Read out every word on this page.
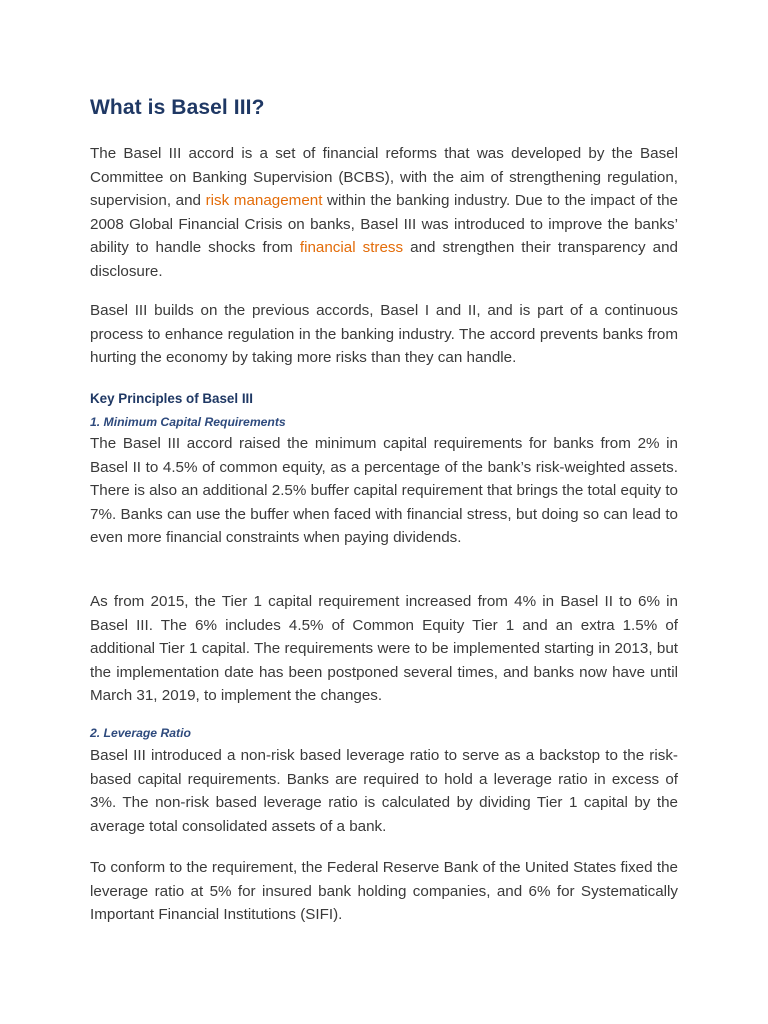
What is Basel III?

The Basel III accord is a set of financial reforms that was developed by the Basel Committee on Banking Supervision (BCBS), with the aim of strengthening regulation, supervision, and risk management within the banking industry. Due to the impact of the 2008 Global Financial Crisis on banks, Basel III was introduced to improve the banks’ ability to handle shocks from financial stress and strengthen their transparency and disclosure.

Basel III builds on the previous accords, Basel I and II, and is part of a continuous process to enhance regulation in the banking industry. The accord prevents banks from hurting the economy by taking more risks than they can handle.

Key Principles of Basel III
1. Minimum Capital Requirements

The Basel III accord raised the minimum capital requirements for banks from 2% in Basel II to 4.5% of common equity, as a percentage of the bank’s risk-weighted assets. There is also an additional 2.5% buffer capital requirement that brings the total equity to 7%. Banks can use the buffer when faced with financial stress, but doing so can lead to even more financial constraints when paying dividends.

As from 2015, the Tier 1 capital requirement increased from 4% in Basel II to 6% in Basel III. The 6% includes 4.5% of Common Equity Tier 1 and an extra 1.5% of additional Tier 1 capital. The requirements were to be implemented starting in 2013, but the implementation date has been postponed several times, and banks now have until March 31, 2019, to implement the changes.

2. Leverage Ratio

Basel III introduced a non-risk based leverage ratio to serve as a backstop to the risk-based capital requirements. Banks are required to hold a leverage ratio in excess of 3%. The non-risk based leverage ratio is calculated by dividing Tier 1 capital by the average total consolidated assets of a bank.

To conform to the requirement, the Federal Reserve Bank of the United States fixed the leverage ratio at 5% for insured bank holding companies, and 6% for Systematically Important Financial Institutions (SIFI).
